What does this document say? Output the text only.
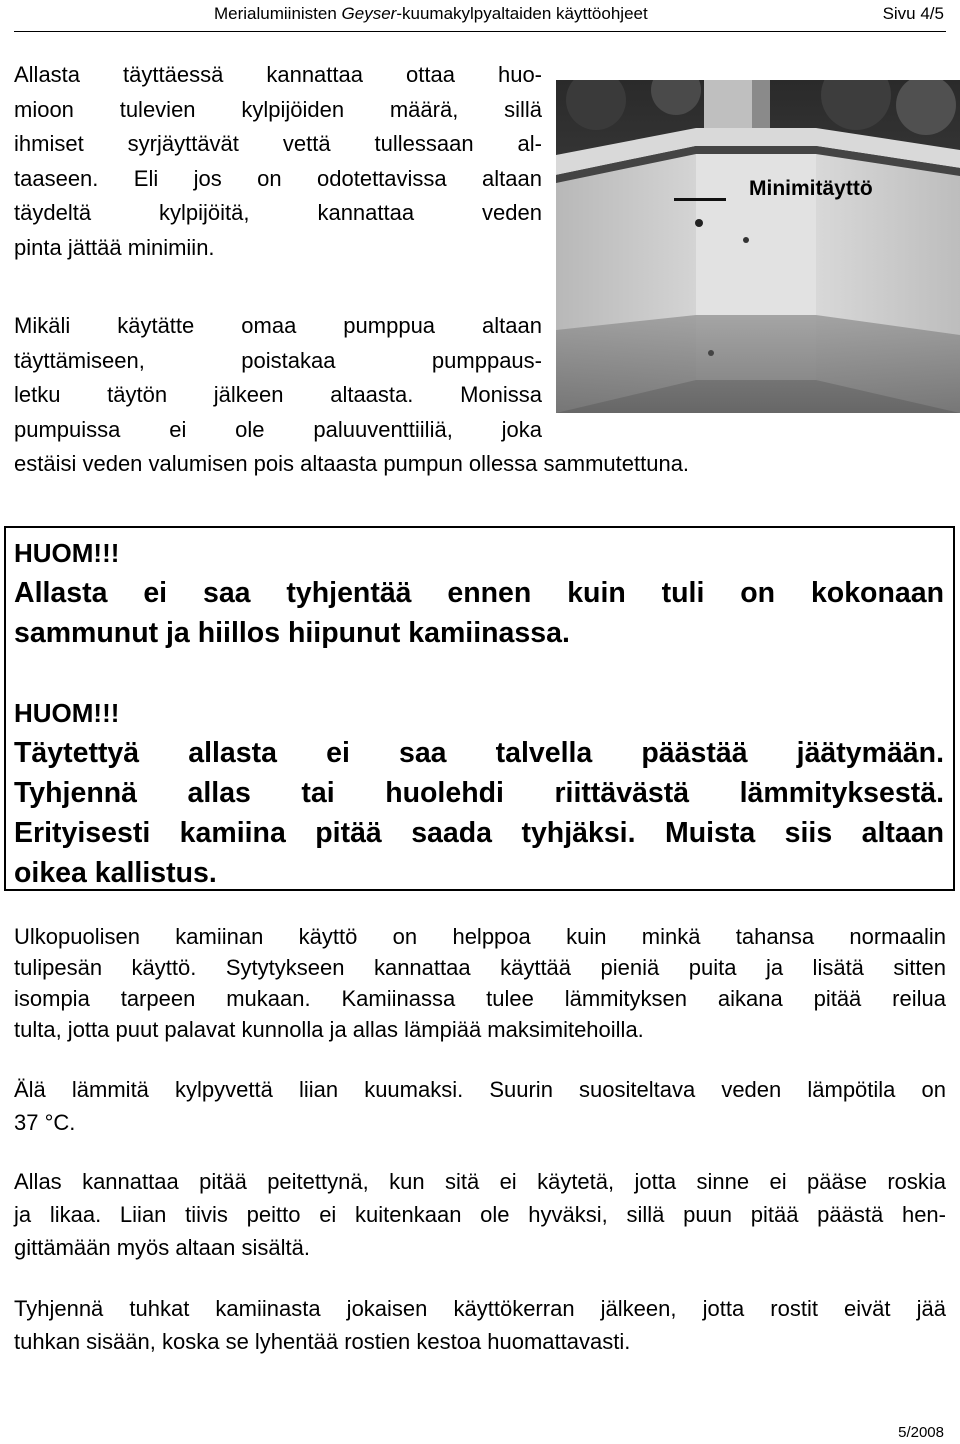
Merialumiinisten Geyser-kuumakylpyaltaiden käyttöohjeet	Sivu 4/5
Allasta täyttäessä kannattaa ottaa huo-
mioon tulevien kylpijöiden määrä, sillä
ihmiset syrjäyttävät vettä tullessaan al-
taaseen. Eli jos on odotettavissa altaan
täydeltä kylpijöitä, kannattaa veden
pinta jättää minimiin.
Minimitäyttö
Mikäli käytätte omaa pumppua altaan
täyttämiseen, poistakaa pumppaus-
letku täytön jälkeen altaasta. Monissa
pumpuissa ei ole paluuventtiiliä, joka
estäisi veden valumisen pois altaasta pumpun ollessa sammutettuna.
HUOM!!!
Allasta ei saa tyhjentää ennen kuin tuli on kokonaan
sammunut ja hiillos hiipunut kamiinassa.
HUOM!!!
Täytettyä allasta ei saa talvella päästää jäätymään.
Tyhjennä allas tai huolehdi riittävästä lämmityksestä.
Erityisesti kamiina pitää saada tyhjäksi. Muista siis altaan
oikea kallistus.
Ulkopuolisen kamiinan käyttö on helppoa kuin minkä tahansa normaalin
tulipesän käyttö. Sytytykseen kannattaa käyttää pieniä puita ja lisätä sitten
isompia tarpeen mukaan. Kamiinassa tulee lämmityksen aikana pitää reilua
tulta, jotta puut palavat kunnolla ja allas lämpiää maksimitehoilla.
Älä lämmitä kylpyvettä liian kuumaksi. Suurin suositeltava veden lämpötila on
37 °C.
Allas kannattaa pitää peitettynä, kun sitä ei käytetä, jotta sinne ei pääse roskia
ja likaa. Liian tiivis peitto ei kuitenkaan ole hyväksi, sillä puun pitää päästä hen-
gittämään myös altaan sisältä.
Tyhjennä tuhkat kamiinasta jokaisen käyttökerran jälkeen, jotta rostit eivät jää
tuhkan sisään, koska se lyhentää rostien kestoa huomattavasti.
5/2008
